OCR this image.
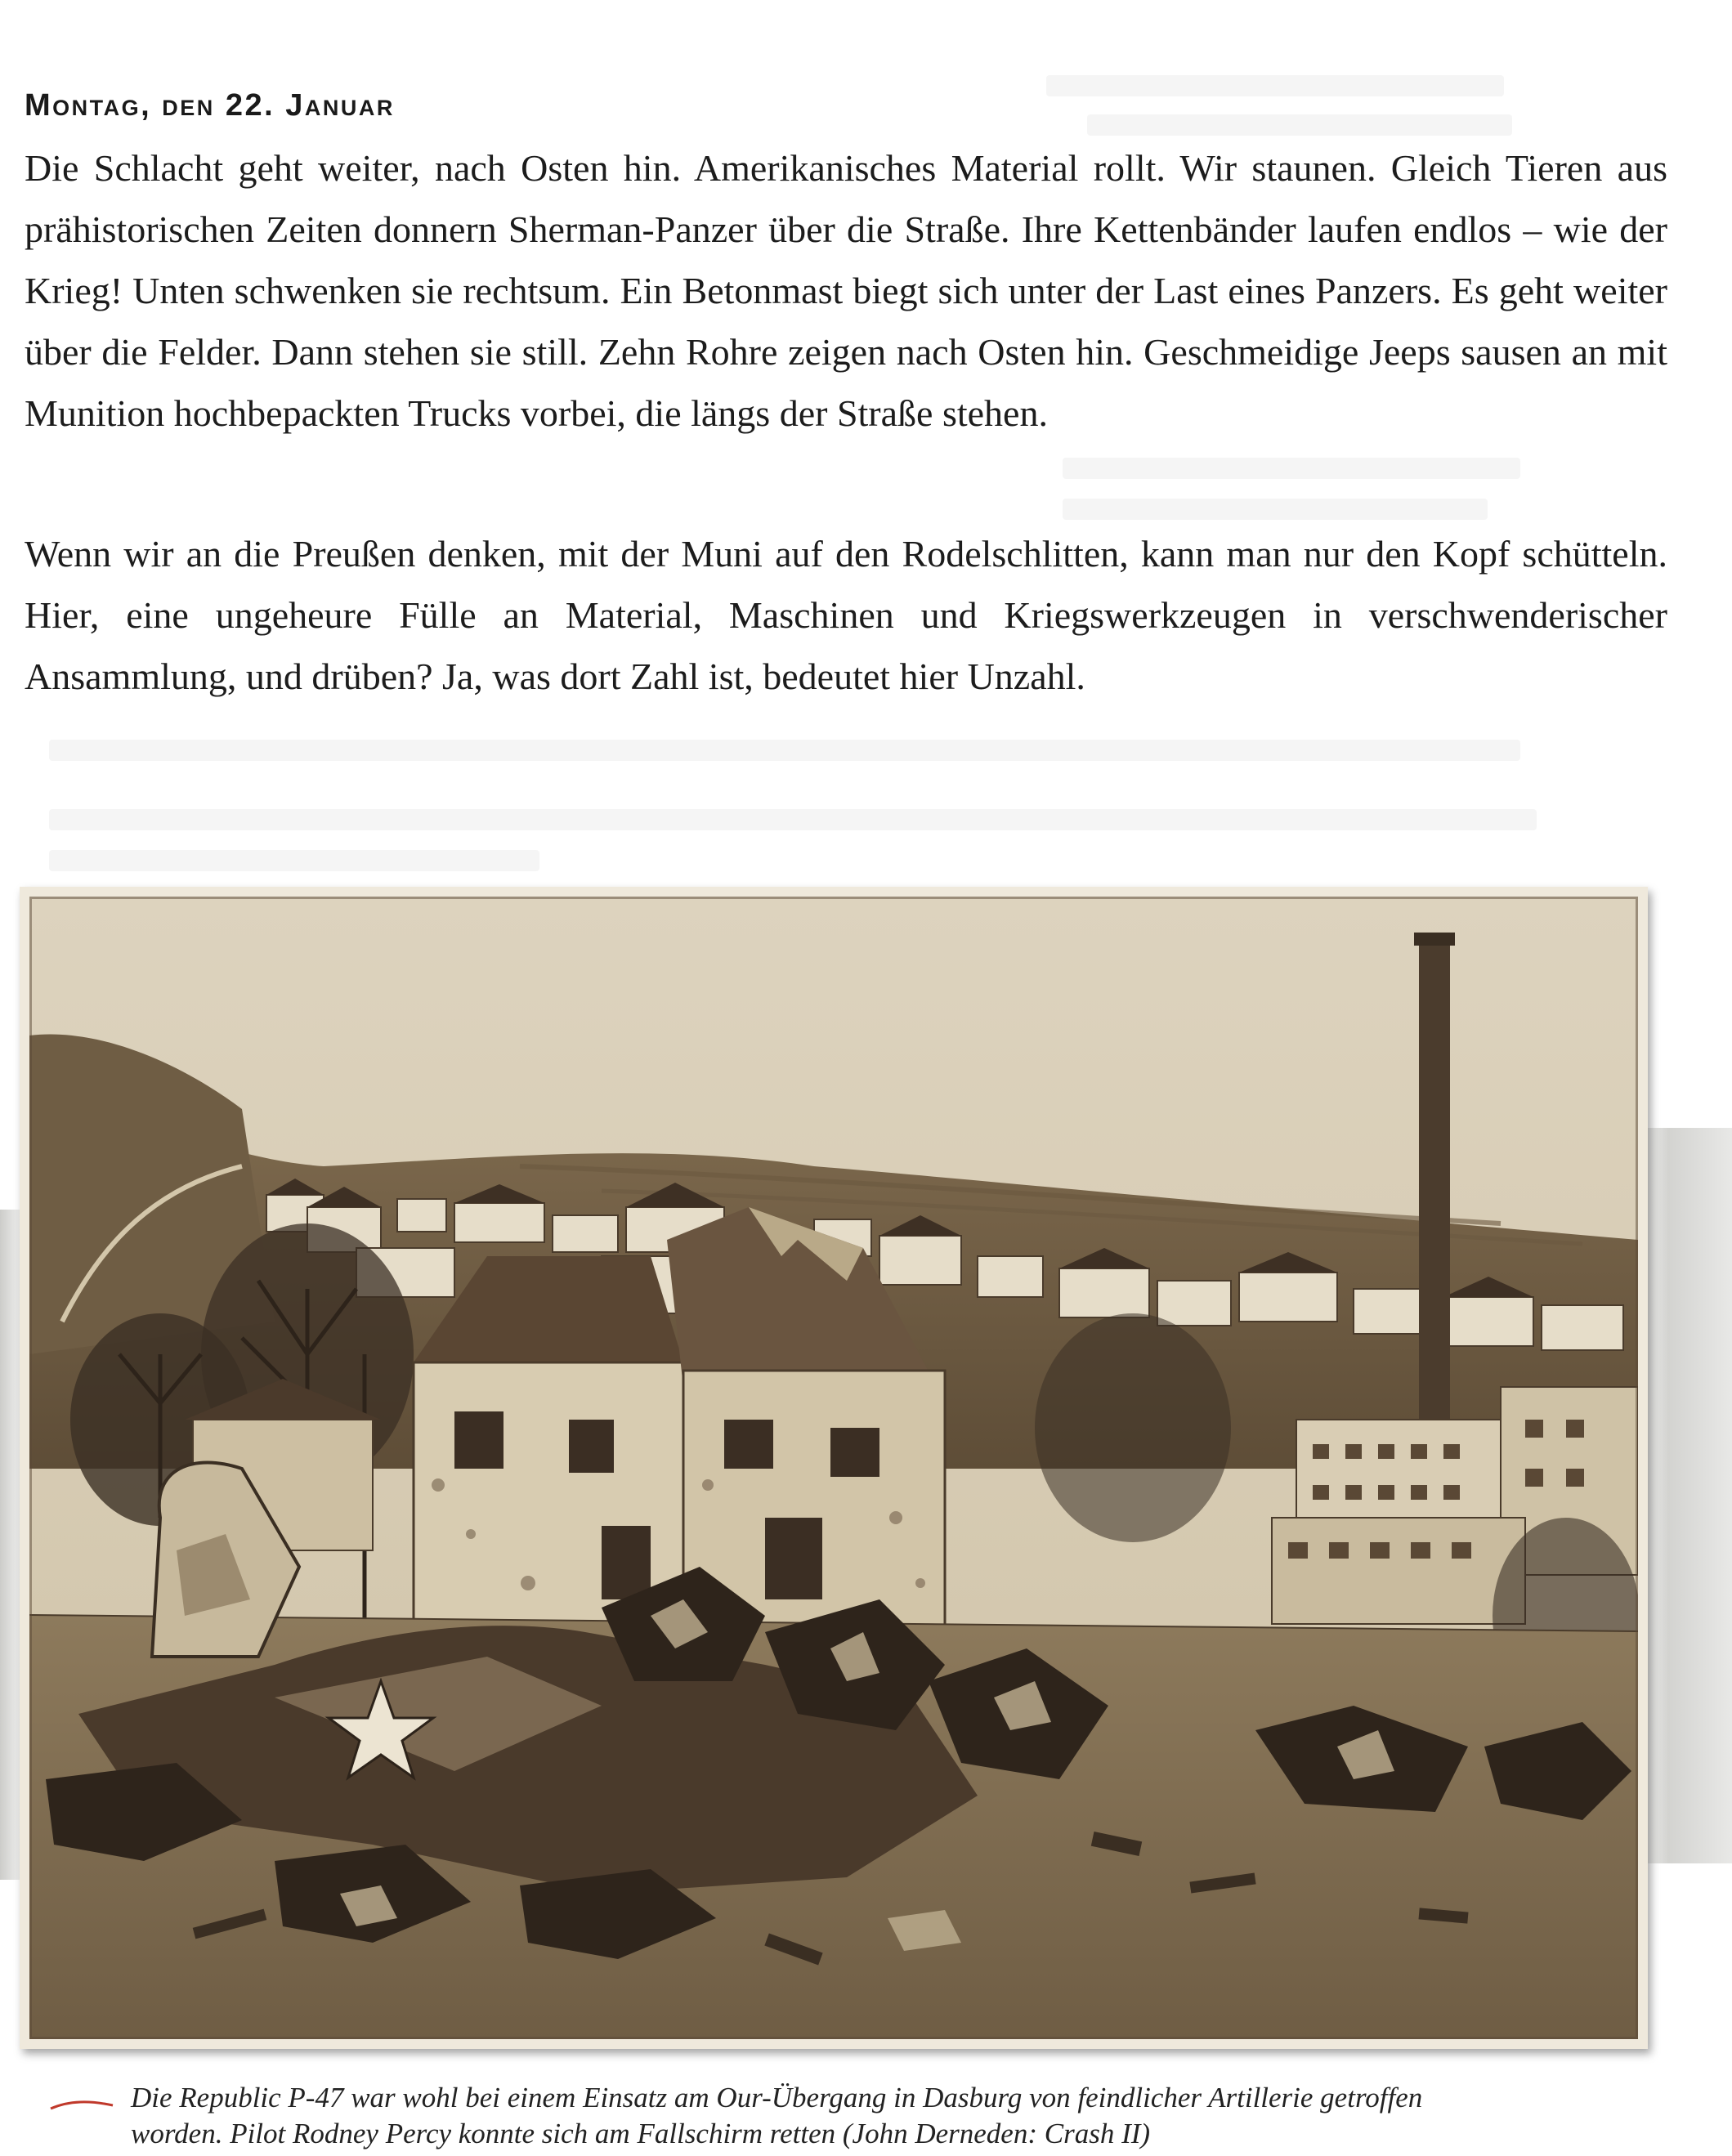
Montag, den 22. Januar
Die Schlacht geht weiter, nach Osten hin. Amerikanisches Material rollt. Wir staunen. Gleich Tieren aus prähistorischen Zeiten donnern Sherman-Panzer über die Straße. Ihre Kettenbänder laufen endlos – wie der Krieg! Unten schwenken sie rechtsum. Ein Betonmast biegt sich unter der Last eines Panzers. Es geht weiter über die Felder. Dann stehen sie still. Zehn Rohre zeigen nach Osten hin. Geschmeidige Jeeps sausen an mit Munition hochbepackten Trucks vorbei, die längs der Straße stehen.
Wenn wir an die Preußen denken, mit der Muni auf den Rodelschlitten, kann man nur den Kopf schütteln. Hier, eine ungeheure Fülle an Material, Maschinen und Kriegswerkzeugen in verschwenderischer Ansammlung, und drüben? Ja, was dort Zahl ist, bedeutet hier Unzahl.
Die Republic P-47 war wohl bei einem Einsatz am Our-Übergang in Dasburg von feindlicher Artillerie getroffen
worden. Pilot Rodney Percy konnte sich am Fallschirm retten (John Derneden: Crash II)
